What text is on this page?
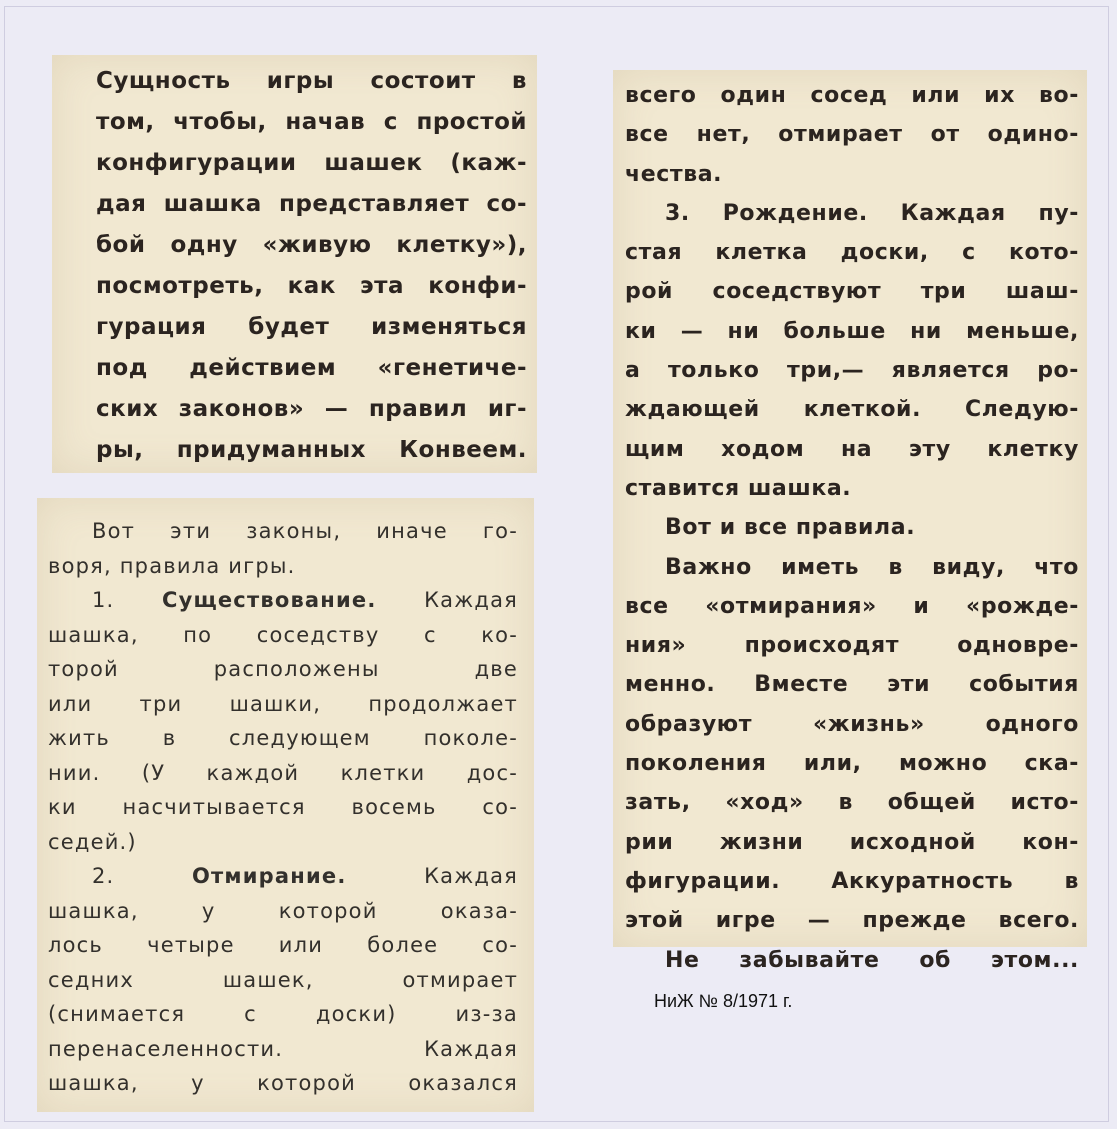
Сущность игры состоит в
том, чтобы, начав с простой
конфигурации шашек (каж-
дая шашка представляет со-
бой одну «живую клетку»),
посмотреть, как эта конфи-
гурация будет изменяться
под действием «генетиче-
ских законов» — правил иг-
ры, придуманных Конвеем.
Вот эти законы, иначе го-
воря, правила игры.
1. Существование. Каждая
шашка, по соседству с ко-
торой расположены две
или три шашки, продолжает
жить в следующем поколе-
нии. (У каждой клетки дос-
ки насчитывается восемь со-
седей.)
2.	Отмирание.	Каждая
шашка, у которой оказа-
лось четыре или более со-
седних шашек, отмирает
(снимается с доски) из-за
перенаселенности. Каждая
шашка, у которой оказался
всего один сосед или их во-
все нет, отмирает от одино-
чества.
3. Рождение. Каждая пу-
стая клетка доски, с кото-
рой соседствуют три шаш-
ки — ни больше ни меньше,
а только три,— является ро-
ждающей клеткой. Следую-
щим ходом на эту клетку
ставится шашка.
Вот и все правила.
Важно иметь в виду, что
все «отмирания» и «рожде-
ния» происходят одновре-
менно. Вместе эти события
образуют «жизнь» одного
поколения или, можно ска-
зать, «ход» в общей исто-
рии жизни исходной кон-
фигурации. Аккуратность в
этой игре — прежде всего.
Не забывайте об этом...
НиЖ № 8/1971 г.
